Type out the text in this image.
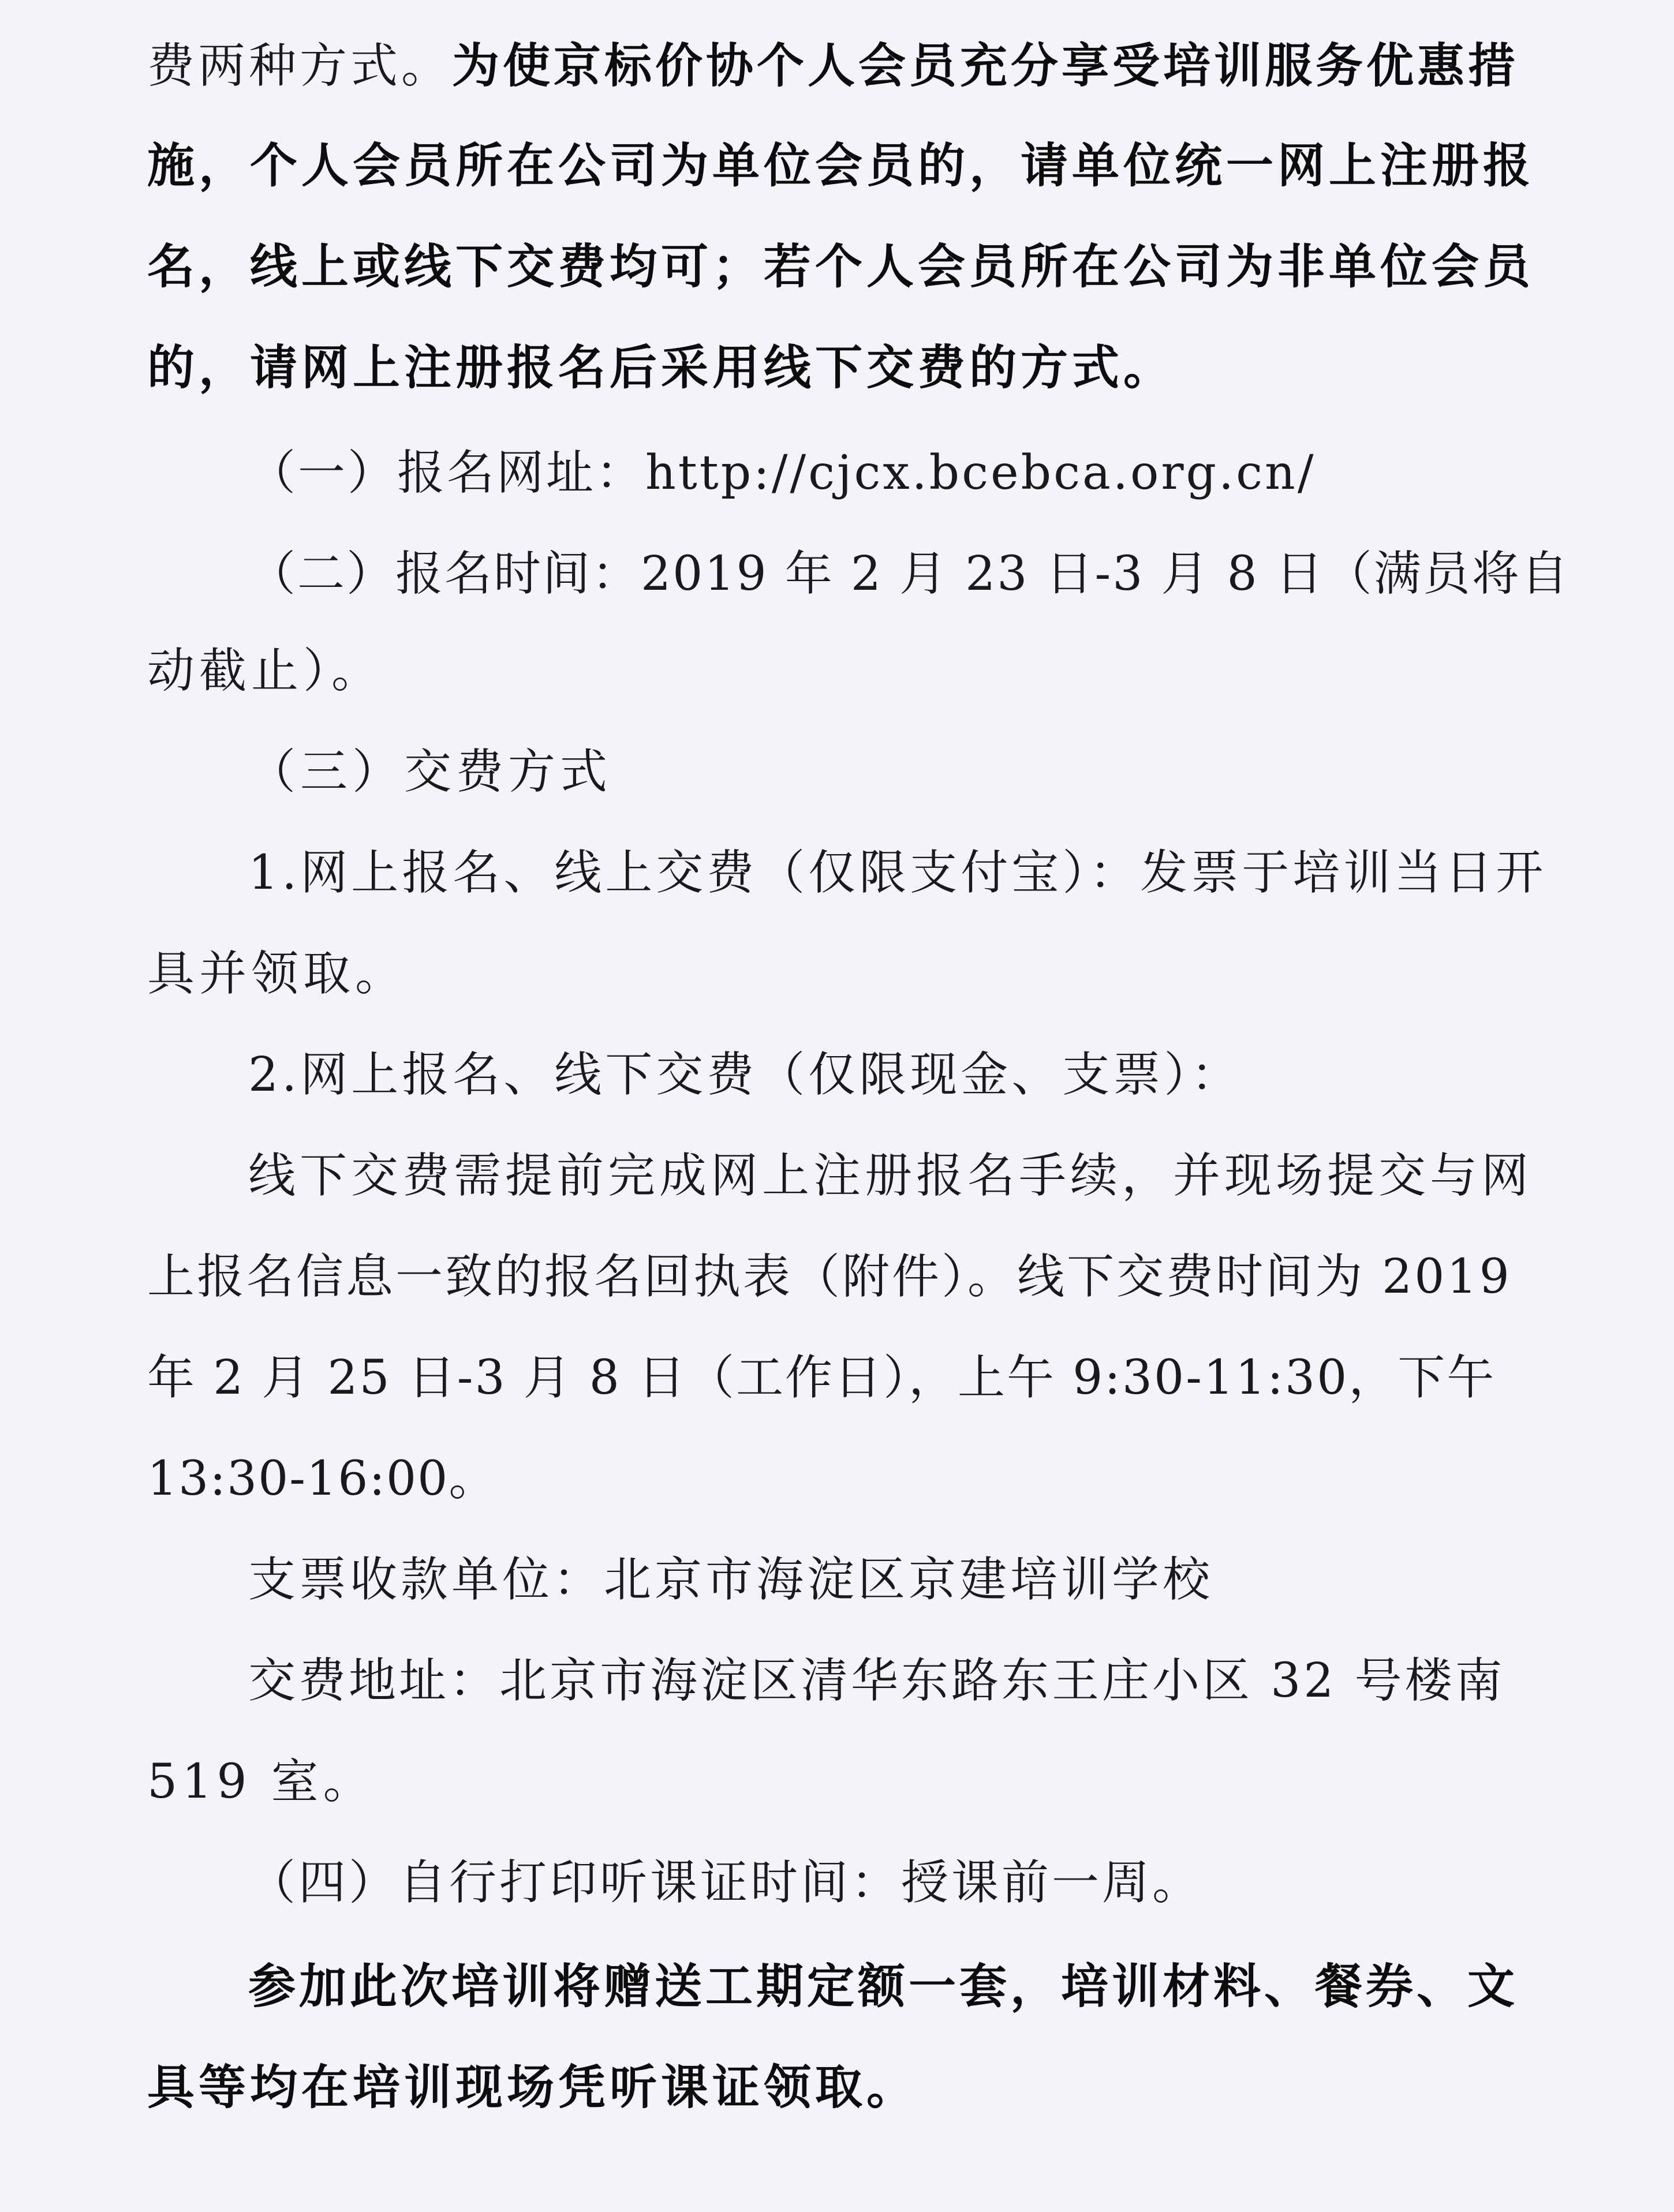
费两种方式。为使京标价协个人会员充分享受培训服务优惠措
施，个人会员所在公司为单位会员的，请单位统一网上注册报
名，线上或线下交费均可；若个人会员所在公司为非单位会员
的，请网上注册报名后采用线下交费的方式。
（一）报名网址：http://cjcx.bcebca.org.cn/
（二）报名时间：2019 年 2 月 23 日-3 月 8 日（满员将自
动截止）。
（三）交费方式
1.网上报名、线上交费（仅限支付宝）：发票于培训当日开
具并领取。
2.网上报名、线下交费（仅限现金、支票）：
线下交费需提前完成网上注册报名手续，并现场提交与网
上报名信息一致的报名回执表（附件）。线下交费时间为 2019
年 2 月 25 日-3 月 8 日（工作日），上午 9:30-11:30，下午
13:30-16:00。
支票收款单位：北京市海淀区京建培训学校
交费地址：北京市海淀区清华东路东王庄小区 32 号楼南
519 室。
（四）自行打印听课证时间：授课前一周。
参加此次培训将赠送工期定额一套，培训材料、餐券、文
具等均在培训现场凭听课证领取。
